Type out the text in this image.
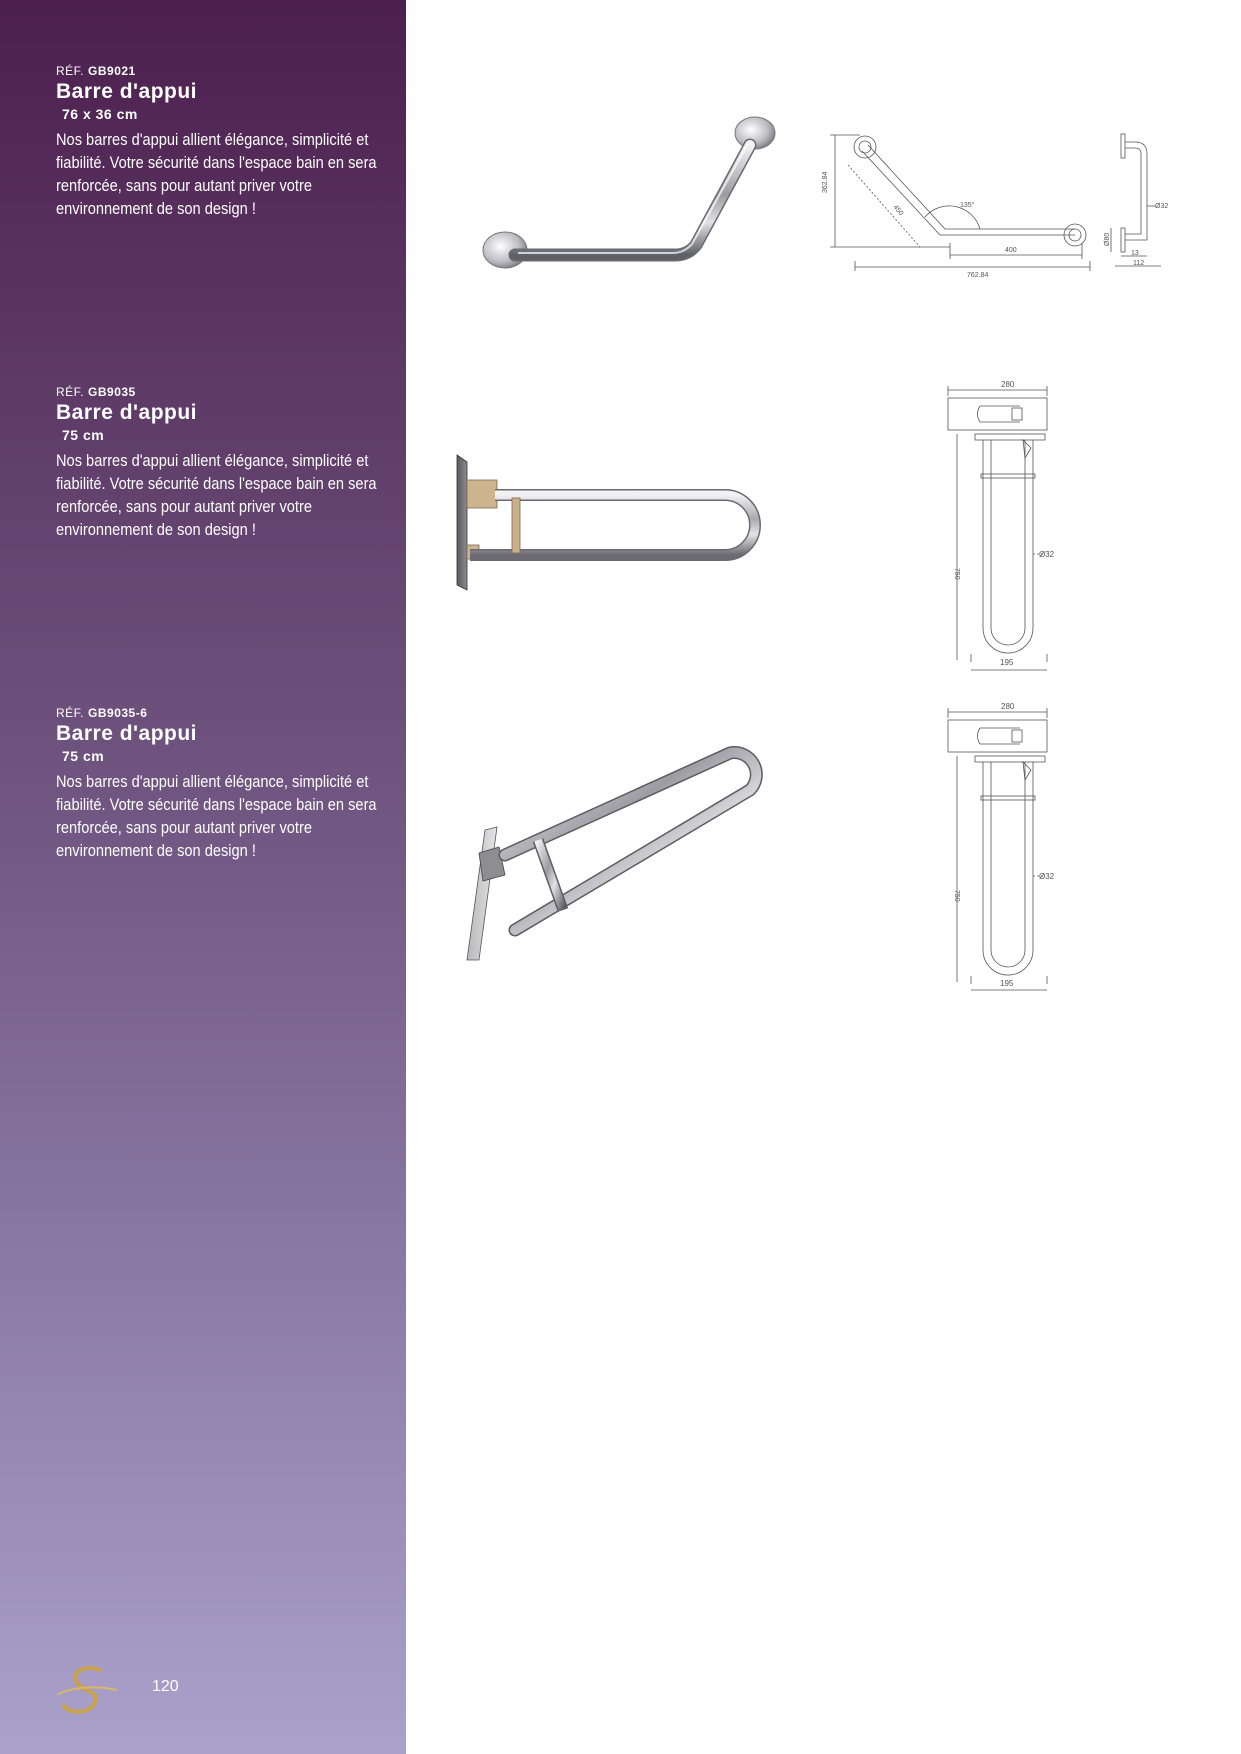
RÉF. GB9021
Barre d'appui
76 x 36 cm
Nos barres d'appui allient élégance, simplicité et fiabilité. Votre sécurité dans l'espace bain en sera renforcée, sans pour autant priver votre environnement de son design !
RÉF. GB9035
Barre d'appui
75 cm
Nos barres d'appui allient élégance, simplicité et fiabilité. Votre sécurité dans l'espace bain en sera renforcée, sans pour autant priver votre environnement de son design !
RÉF. GB9035-6
Barre d'appui
75 cm
Nos barres d'appui allient élégance, simplicité et fiabilité. Votre sécurité dans l'espace bain en sera renforcée, sans pour autant priver votre environnement de son design !
120
362.84
450	135°
400
762.84
Ø32
Ø80
13
112
280
Ø32
750
195
280
Ø32
750
195
